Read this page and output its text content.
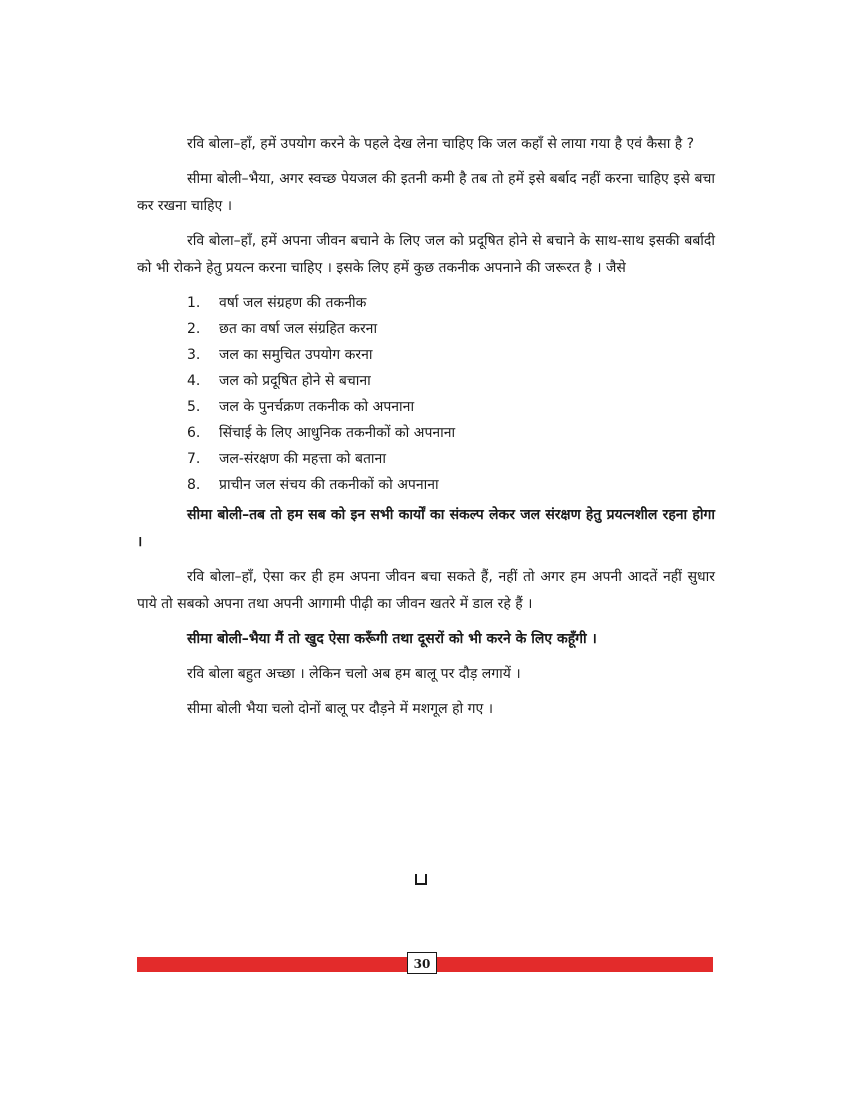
रवि बोला–हाँ, हमें उपयोग करने के पहले देख लेना चाहिए कि जल कहाँ से लाया गया है एवं कैसा है ?

सीमा बोली–भैया, अगर स्वच्छ पेयजल की इतनी कमी है तब तो हमें इसे बर्बाद नहीं करना चाहिए इसे बचा कर रखना चाहिए ।

रवि बोला–हाँ, हमें अपना जीवन बचाने के लिए जल को प्रदूषित होने से बचाने के साथ-साथ इसकी बर्बादी को भी रोकने हेतु प्रयत्न करना चाहिए । इसके लिए हमें कुछ तकनीक अपनाने की जरूरत है । जैसे

1.	वर्षा जल संग्रहण की तकनीक
2.	छत का वर्षा जल संग्रहित करना
3.	जल का समुचित उपयोग करना
4.	जल को प्रदूषित होने से बचाना
5.	जल के पुनर्चक्रण तकनीक को अपनाना
6.	सिंचाई के लिए आधुनिक तकनीकों को अपनाना
7.	जल-संरक्षण की महत्ता को बताना
8.	प्राचीन जल संचय की तकनीकों को अपनाना

सीमा बोली–तब तो हम सब को इन सभी कार्यों का संकल्प लेकर जल संरक्षण हेतु प्रयत्नशील रहना होगा ।

रवि बोला–हाँ, ऐसा कर ही हम अपना जीवन बचा सकते हैं, नहीं तो अगर हम अपनी आदतें नहीं सुधार पाये तो सबको अपना तथा अपनी आगामी पीढ़ी का जीवन खतरे में डाल रहे हैं ।

सीमा बोली–भैया मैं तो खुद ऐसा करूँगी तथा दूसरों को भी करने के लिए कहूँगी ।

रवि बोला बहुत अच्छा । लेकिन चलो अब हम बालू पर दौड़ लगायें ।

सीमा बोली भैया चलो दोनों बालू पर दौड़ने में मशगूल हो गए ।

30
